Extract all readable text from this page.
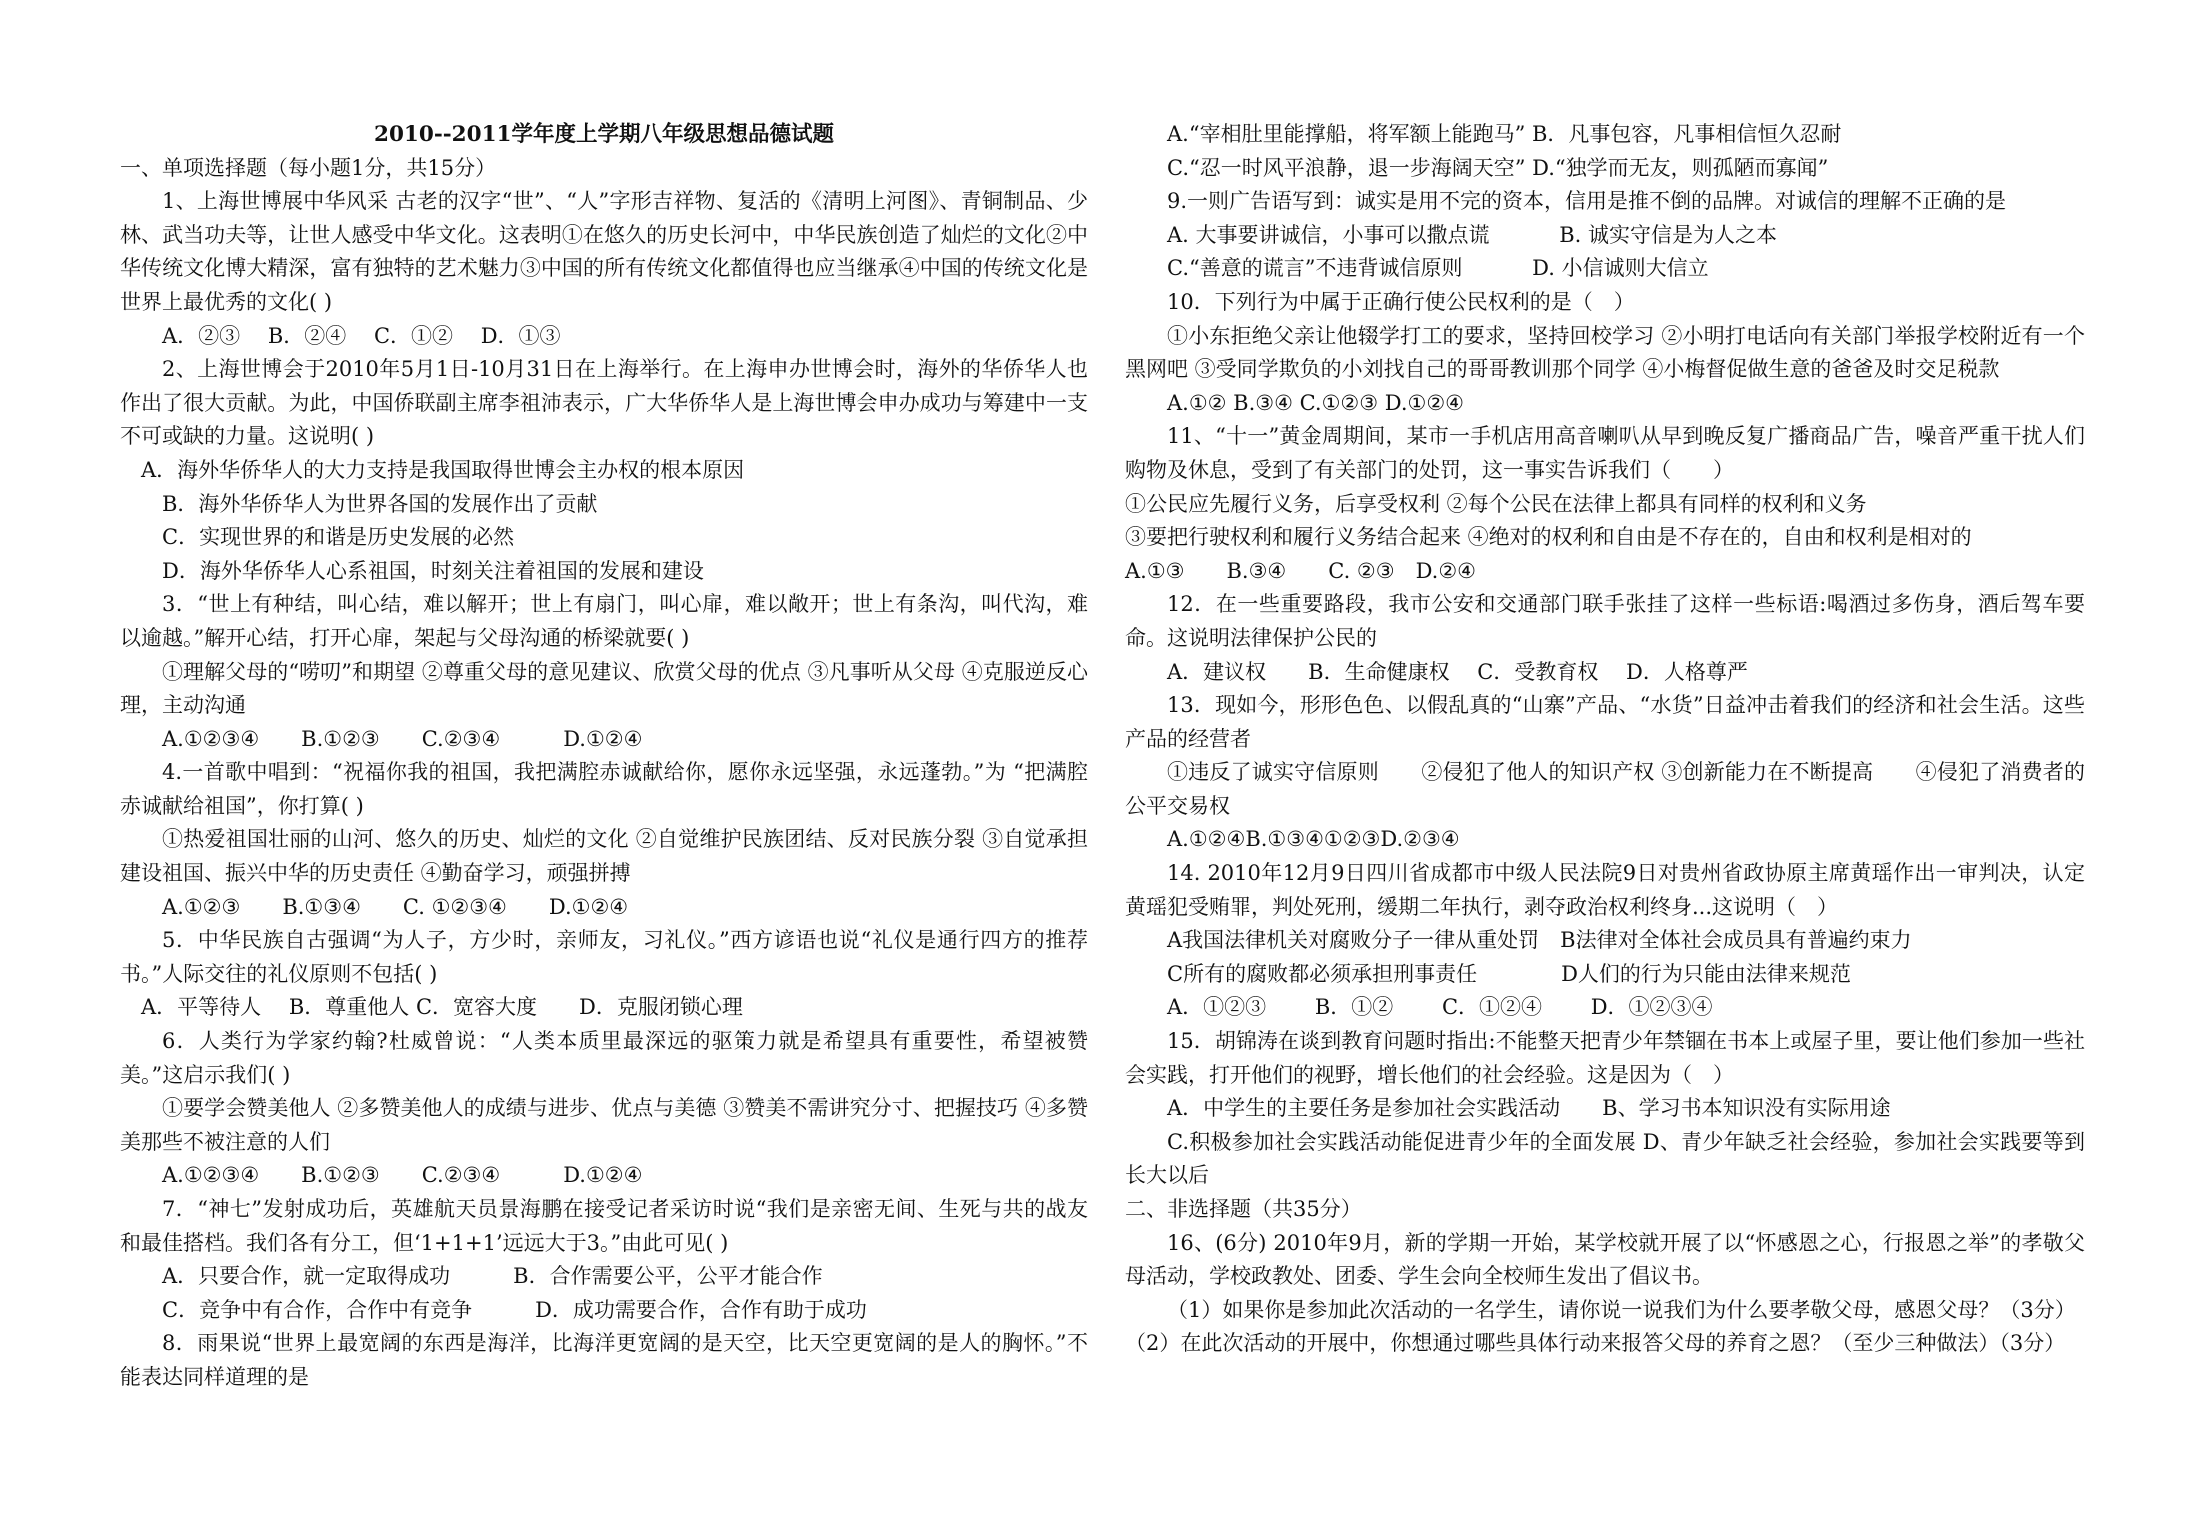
2010--2011学年度上学期八年级思想品德试题

一、单项选择题（每小题1分，共15分）

1、上海世博展中华风采 古老的汉字“世”、“人”字形吉祥物、复活的《清明上河图》、青铜制品、少林、武当功夫等，让世人感受中华文化。这表明①在悠久的历史长河中，中华民族创造了灿烂的文化②中华传统文化博大精深，富有独特的艺术魅力③中国的所有传统文化都值得也应当继承④中国的传统文化是世界上最优秀的文化( )

A．②③　 B．②④　 C．①②　 D．①③

2、上海世博会于2010年5月1日-10月31日在上海举行。在上海申办世博会时，海外的华侨华人也作出了很大贡献。为此，中国侨联副主席李祖沛表示，广大华侨华人是上海世博会申办成功与筹建中一支不可或缺的力量。这说明( )

A．海外华侨华人的大力支持是我国取得世博会主办权的根本原因

B．海外华侨华人为世界各国的发展作出了贡献

C．实现世界的和谐是历史发展的必然

D．海外华侨华人心系祖国，时刻关注着祖国的发展和建设

3．“世上有种结，叫心结，难以解开；世上有扇门，叫心扉，难以敞开；世上有条沟，叫代沟，难以逾越。”解开心结，打开心扉，架起与父母沟通的桥梁就要( )

①理解父母的“唠叨”和期望 ②尊重父母的意见建议、欣赏父母的优点 ③凡事听从父母 ④克服逆反心理，主动沟通

A.①②③④　　B.①②③　　C.②③④　　　D.①②④

4.一首歌中唱到：“祝福你我的祖国，我把满腔赤诚献给你，愿你永远坚强，永远蓬勃。”为 “把满腔赤诚献给祖国”，你打算( )

①热爱祖国壮丽的山河、悠久的历史、灿烂的文化 ②自觉维护民族团结、反对民族分裂 ③自觉承担建设祖国、振兴中华的历史责任 ④勤奋学习，顽强拼搏

A.①②③　　B.①③④　　C. ①②③④　　D.①②④

5．中华民族自古强调“为人子，方少时，亲师友，习礼仪。”西方谚语也说“礼仪是通行四方的推荐书。”人际交往的礼仪原则不包括( )

A．平等待人　 B．尊重他人 C．宽容大度　　D．克服闭锁心理

6．人类行为学家约翰?杜威曾说：“人类本质里最深远的驱策力就是希望具有重要性，希望被赞美。”这启示我们( )

①要学会赞美他人 ②多赞美他人的成绩与进步、优点与美德 ③赞美不需讲究分寸、把握技巧 ④多赞美那些不被注意的人们

A.①②③④　　B.①②③　　C.②③④　　　D.①②④

7．“神七”发射成功后，英雄航天员景海鹏在接受记者采访时说“我们是亲密无间、生死与共的战友和最佳搭档。我们各有分工，但‘1+1+1’远远大于3。”由此可见( )

A．只要合作，就一定取得成功　　　B．合作需要公平，公平才能合作

C．竞争中有合作，合作中有竞争　　　D．成功需要合作，合作有助于成功

8．雨果说“世界上最宽阔的东西是海洋，比海洋更宽阔的是天空，比天空更宽阔的是人的胸怀。”不能表达同样道理的是

A.“宰相肚里能撑船，将军额上能跑马” B．凡事包容，凡事相信恒久忍耐

C.“忍一时风平浪静，退一步海阔天空” D.“独学而无友，则孤陋而寡闻”

9.一则广告语写到：诚实是用不完的资本，信用是推不倒的品牌。对诚信的理解不正确的是

A. 大事要讲诚信，小事可以撒点谎　　　 B. 诚实守信是为人之本

C.“善意的谎言”不违背诚信原则　　　 D. 小信诚则大信立

10．下列行为中属于正确行使公民权利的是（　）

①小东拒绝父亲让他辍学打工的要求，坚持回校学习 ②小明打电话向有关部门举报学校附近有一个黑网吧 ③受同学欺负的小刘找自己的哥哥教训那个同学 ④小梅督促做生意的爸爸及时交足税款

A.①② B.③④ C.①②③ D.①②④

11、“十一”黄金周期间，某市一手机店用高音喇叭从早到晚反复广播商品广告，噪音严重干扰人们购物及休息，受到了有关部门的处罚，这一事实告诉我们（　　）

①公民应先履行义务，后享受权利 ②每个公民在法律上都具有同样的权利和义务

③要把行驶权利和履行义务结合起来 ④绝对的权利和自由是不存在的，自由和权利是相对的

A.①③　　B.③④　　C. ②③　D.②④

12．在一些重要路段，我市公安和交通部门联手张挂了这样一些标语:喝酒过多伤身，酒后驾车要命。这说明法律保护公民的

A．建议权　　B．生命健康权　 C．受教育权　 D．人格尊严

13．现如今，形形色色、以假乱真的“山寨”产品、“水货”日益冲击着我们的经济和社会生活。这些产品的经营者

①违反了诚实守信原则　　②侵犯了他人的知识产权 ③创新能力在不断提高　　④侵犯了消费者的公平交易权

A.①②④B.①③④①②③D.②③④

14. 2010年12月9日四川省成都市中级人民法院9日对贵州省政协原主席黄瑶作出一审判决，认定黄瑶犯受贿罪，判处死刑，缓期二年执行，剥夺政治权利终身...这说明（　）

A我国法律机关对腐败分子一律从重处罚　B法律对全体社会成员具有普遍约束力

C所有的腐败都必须承担刑事责任　　　　D人们的行为只能由法律来规范

A．①②③　　 B．①②　　 C．①②④　　 D．①②③④

15．胡锦涛在谈到教育问题时指出:不能整天把青少年禁锢在书本上或屋子里，要让他们参加一些社会实践，打开他们的视野，增长他们的社会经验。这是因为（　）

A．中学生的主要任务是参加社会实践活动　　B、学习书本知识没有实际用途

C.积极参加社会实践活动能促进青少年的全面发展 D、青少年缺乏社会经验，参加社会实践要等到长大以后

二、非选择题（共35分）

16、(6分) 2010年9月，新的学期一开始，某学校就开展了以“怀感恩之心，行报恩之举”的孝敬父母活动，学校政教处、团委、学生会向全校师生发出了倡议书。

（1）如果你是参加此次活动的一名学生，请你说一说我们为什么要孝敬父母，感恩父母？（3分）

（2）在此次活动的开展中，你想通过哪些具体行动来报答父母的养育之恩？（至少三种做法）（3分）
